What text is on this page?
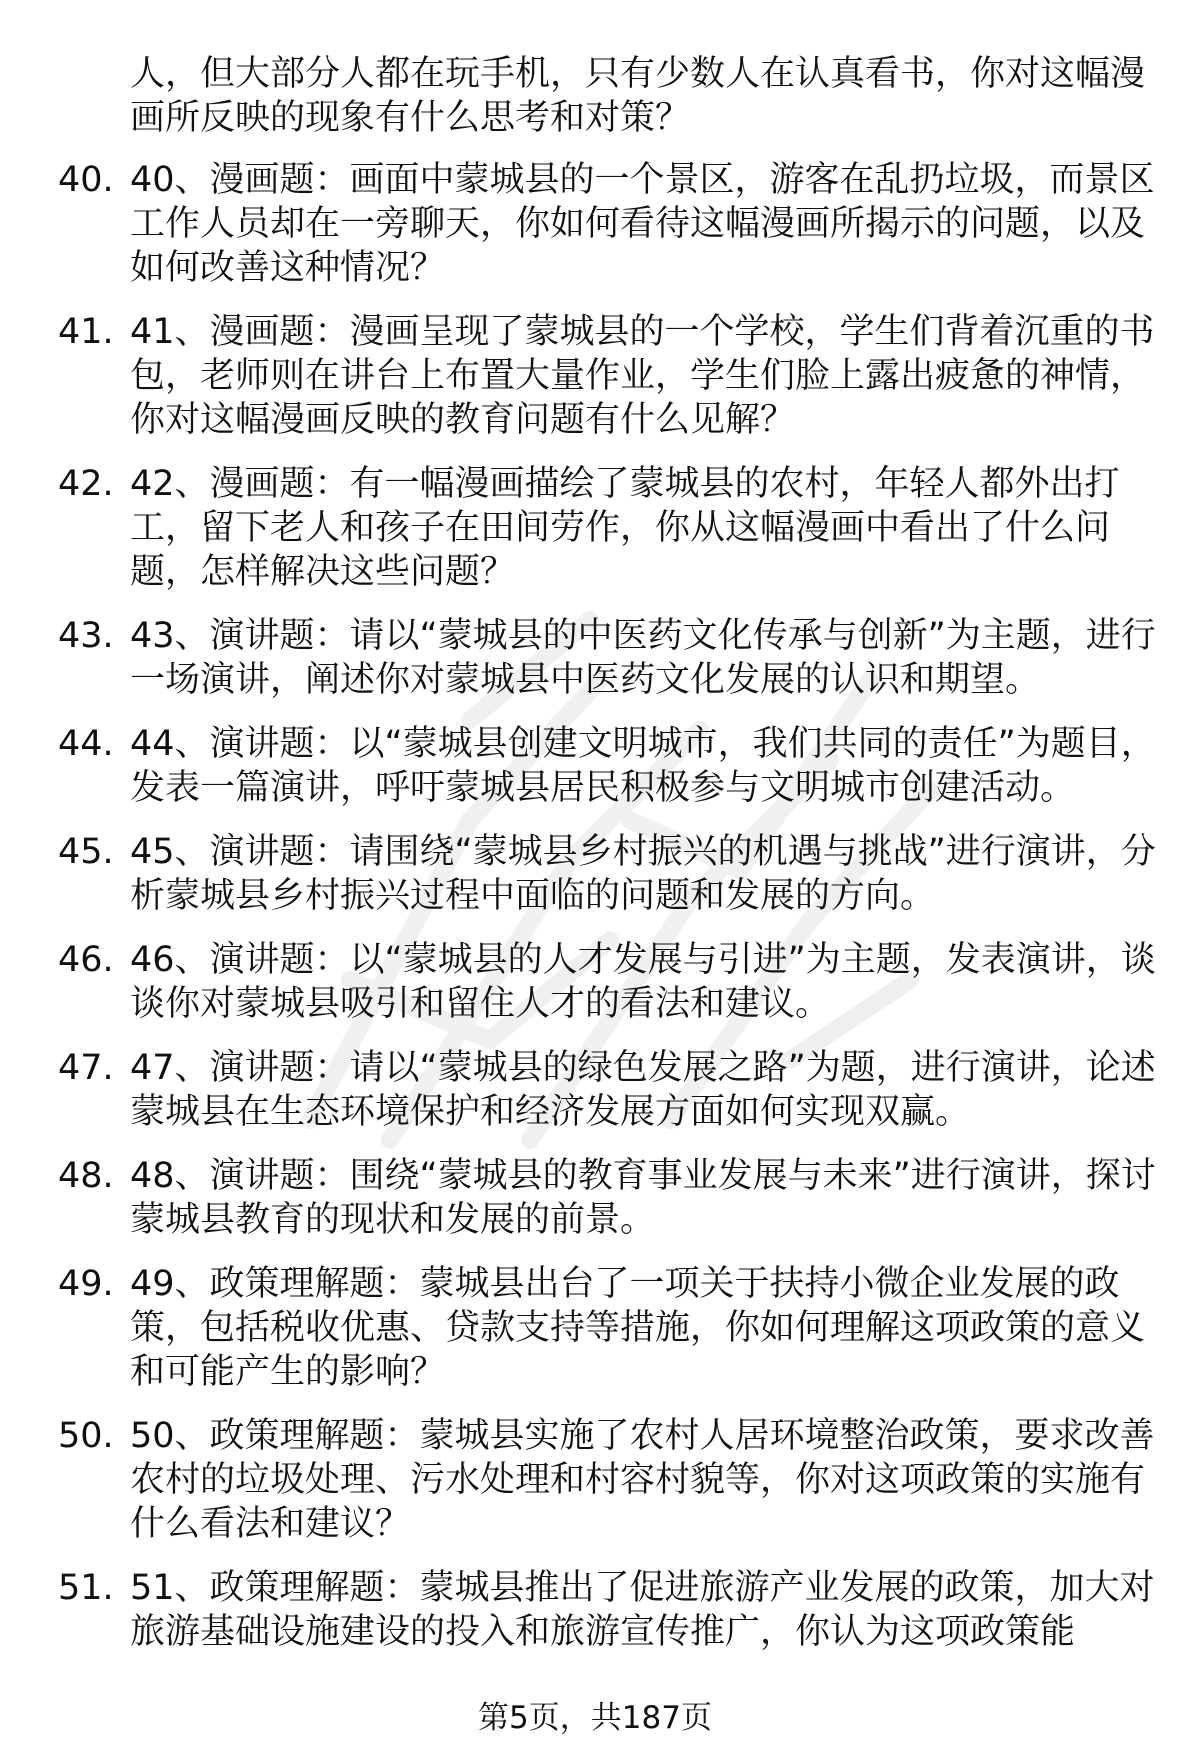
人，但大部分人都在玩手机，只有少数人在认真看书，你对这幅漫画所反映的现象有什么思考和对策？

40. 40、漫画题：画面中蒙城县的一个景区，游客在乱扔垃圾，而景区工作人员却在一旁聊天，你如何看待这幅漫画所揭示的问题，以及如何改善这种情况？
41. 41、漫画题：漫画呈现了蒙城县的一个学校，学生们背着沉重的书包，老师则在讲台上布置大量作业，学生们脸上露出疲惫的神情，你对这幅漫画反映的教育问题有什么见解？
42. 42、漫画题：有一幅漫画描绘了蒙城县的农村，年轻人都外出打工，留下老人和孩子在田间劳作，你从这幅漫画中看出了什么问题，怎样解决这些问题？
43. 43、演讲题：请以“蒙城县的中医药文化传承与创新”为主题，进行一场演讲，阐述你对蒙城县中医药文化发展的认识和期望。
44. 44、演讲题：以“蒙城县创建文明城市，我们共同的责任”为题目，发表一篇演讲，呼吁蒙城县居民积极参与文明城市创建活动。
45. 45、演讲题：请围绕“蒙城县乡村振兴的机遇与挑战”进行演讲，分析蒙城县乡村振兴过程中面临的问题和发展的方向。
46. 46、演讲题：以“蒙城县的人才发展与引进”为主题，发表演讲，谈谈你对蒙城县吸引和留住人才的看法和建议。
47. 47、演讲题：请以“蒙城县的绿色发展之路”为题，进行演讲，论述蒙城县在生态环境保护和经济发展方面如何实现双赢。
48. 48、演讲题：围绕“蒙城县的教育事业发展与未来”进行演讲，探讨蒙城县教育的现状和发展的前景。
49. 49、政策理解题：蒙城县出台了一项关于扶持小微企业发展的政策，包括税收优惠、贷款支持等措施，你如何理解这项政策的意义和可能产生的影响？
50. 50、政策理解题：蒙城县实施了农村人居环境整治政策，要求改善农村的垃圾处理、污水处理和村容村貌等，你对这项政策的实施有什么看法和建议？
51. 51、政策理解题：蒙城县推出了促进旅游产业发展的政策，加大对旅游基础设施建设的投入和旅游宣传推广，你认为这项政策能
第5页，共187页
